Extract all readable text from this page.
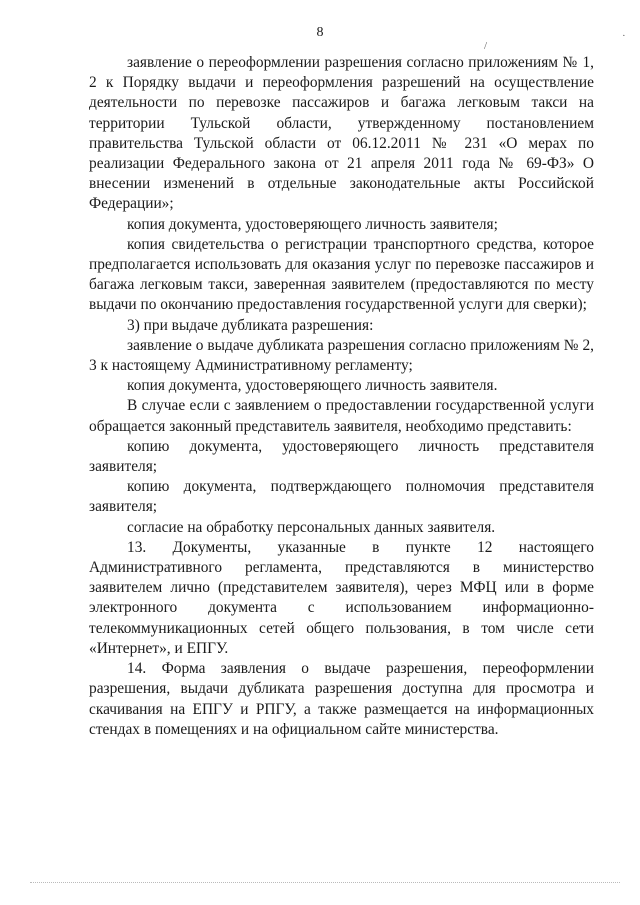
8
/
·

заявление о переоформлении разрешения согласно приложениям № 1, 2 к Порядку выдачи и переоформления разрешений на осуществление деятельности по перевозке пассажиров и багажа легковым такси на территории Тульской области, утвержденному постановлением правительства Тульской области от 06.12.2011 № 231 «О мерах по реализации Федерального закона от 21 апреля 2011 года № 69-ФЗ» О внесении изменений в отдельные законодательные акты Российской Федерации»;

копия документа, удостоверяющего личность заявителя;

копия свидетельства о регистрации транспортного средства, которое предполагается использовать для оказания услуг по перевозке пассажиров и багажа легковым такси, заверенная заявителем (предоставляются по месту выдачи по окончанию предоставления государственной услуги для сверки);

3) при выдаче дубликата разрешения:

заявление о выдаче дубликата разрешения согласно приложениям № 2, 3 к настоящему Административному регламенту;

копия документа, удостоверяющего личность заявителя.

В случае если с заявлением о предоставлении государственной услуги обращается законный представитель заявителя, необходимо представить:

копию документа, удостоверяющего личность представителя заявителя;

копию документа, подтверждающего полномочия представителя заявителя;

согласие на обработку персональных данных заявителя.

13. Документы, указанные в пункте 12 настоящего Административного регламента, представляются в министерство заявителем лично (представителем заявителя), через МФЦ или в форме электронного документа с использованием информационно-телекоммуникационных сетей общего пользования, в том числе сети «Интернет», и ЕПГУ.

14. Форма заявления о выдаче разрешения, переоформлении разрешения, выдачи дубликата разрешения доступна для просмотра и скачивания на ЕПГУ и РПГУ, а также размещается на информационных стендах в помещениях и на официальном сайте министерства.
